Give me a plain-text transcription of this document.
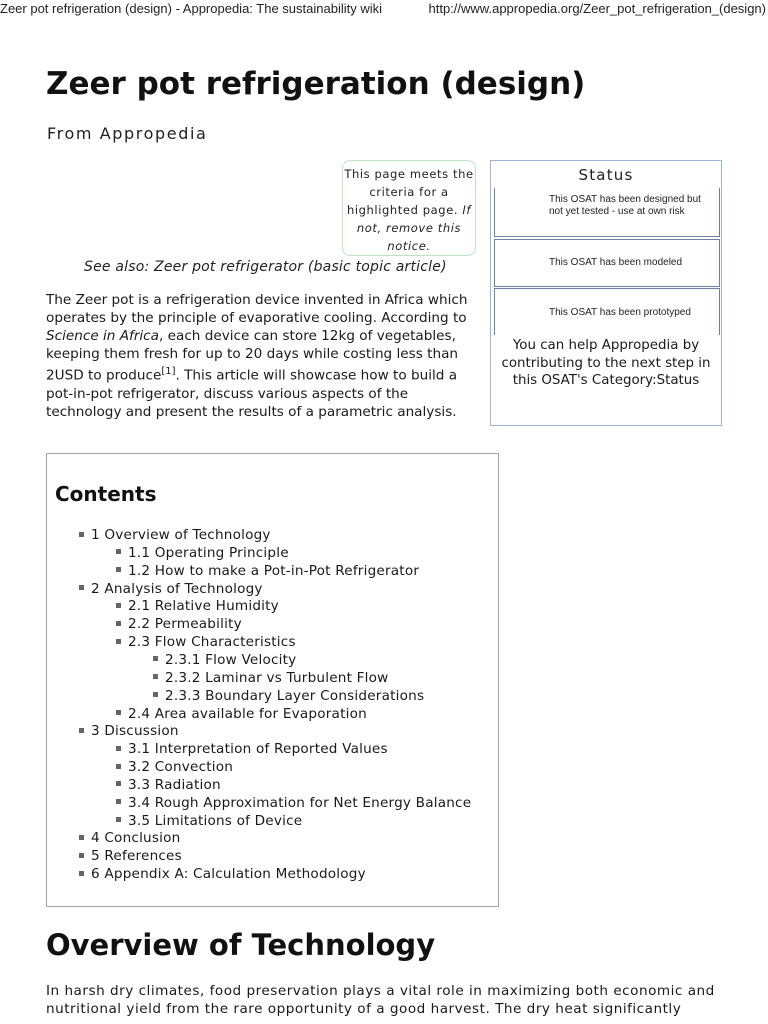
Zeer pot refrigeration (design) - Appropedia: The sustainability wiki	http://www.appropedia.org/Zeer_pot_refrigeration_(design)
Zeer pot refrigeration (design)
From Appropedia

This page meets the criteria for a highlighted page. If not, remove this notice.

See also: Zeer pot refrigerator (basic topic article)

The Zeer pot is a refrigeration device invented in Africa which operates by the principle of evaporative cooling. According to Science in Africa, each device can store 12kg of vegetables, keeping them fresh for up to 20 days while costing less than 2USD to produce[1]. This article will showcase how to build a pot-in-pot refrigerator, discuss various aspects of the technology and present the results of a parametric analysis.

Status
This OSAT has been designed but not yet tested - use at own risk
This OSAT has been modeled
This OSAT has been prototyped

You can help Appropedia by contributing to the next step in this OSAT's Category:Status

Contents
1 Overview of Technology
1.1 Operating Principle
1.2 How to make a Pot-in-Pot Refrigerator
2 Analysis of Technology
2.1 Relative Humidity
2.2 Permeability
2.3 Flow Characteristics
2.3.1 Flow Velocity
2.3.2 Laminar vs Turbulent Flow
2.3.3 Boundary Layer Considerations
2.4 Area available for Evaporation
3 Discussion
3.1 Interpretation of Reported Values
3.2 Convection
3.3 Radiation
3.4 Rough Approximation for Net Energy Balance
3.5 Limitations of Device
4 Conclusion
5 References
6 Appendix A: Calculation Methodology
Overview of Technology

In harsh dry climates, food preservation plays a vital role in maximizing both economic and nutritional yield from the rare opportunity of a good harvest. The dry heat significantly
